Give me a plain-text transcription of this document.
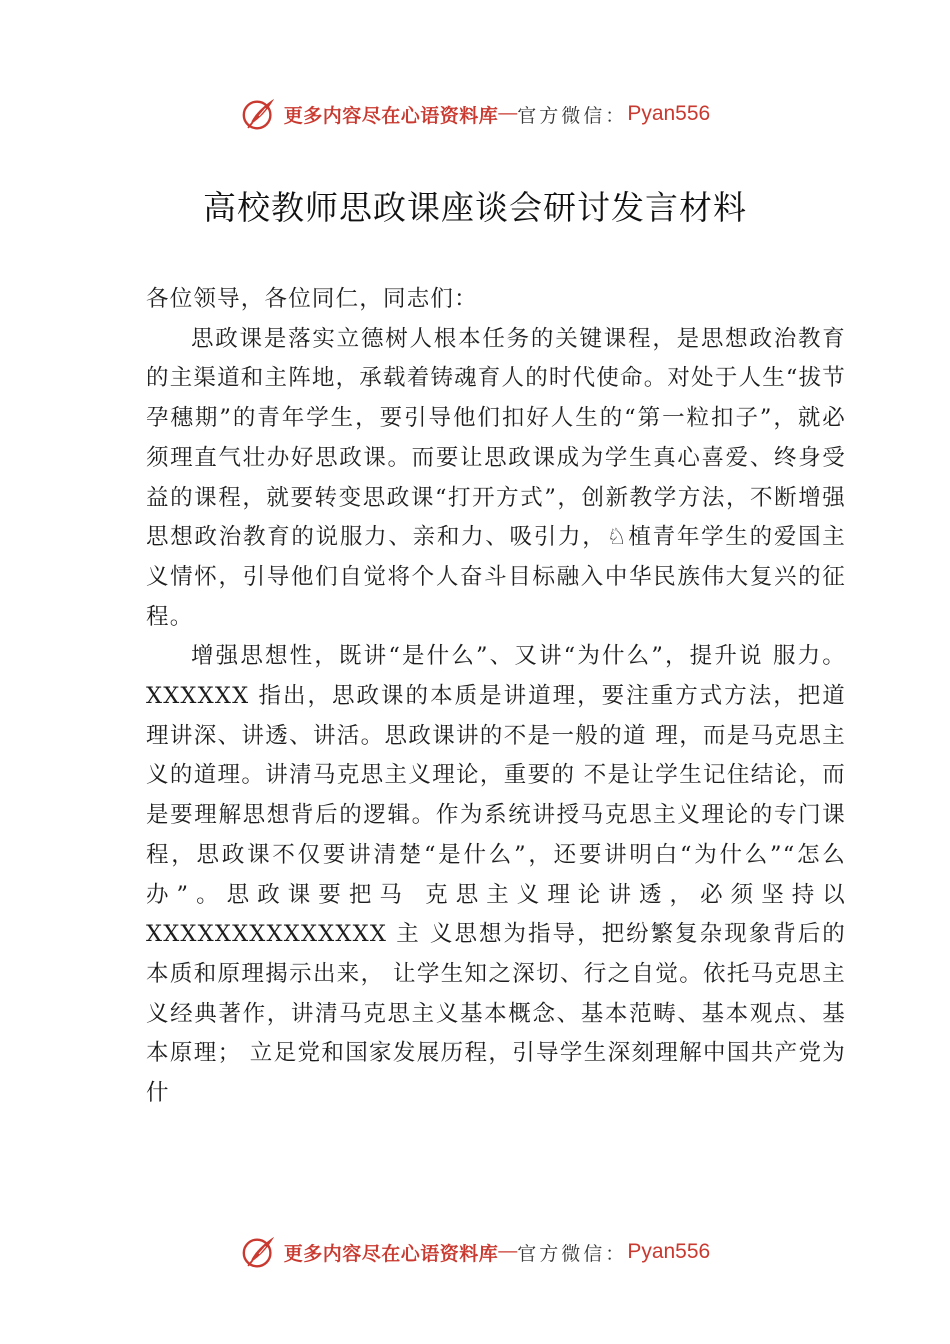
更多内容尽在心语资料库 — 官方微信： Pyan556
高校教师思政课座谈会研讨发言材料

各位领导，各位同仁，同志们：

思政课是落实立德树人根本任务的关键课程，是思想政治教育的主渠道和主阵地，承载着铸魂育人的时代使命。对处于人生“拔节孕穗期”的青年学生，要引导他们扣好人生的“第一粒扣子”，就必须理直气壮办好思政课。而要让思政课成为学生真心喜爱、终身受益的课程，就要转变思政课“打开方式”，创新教学方法，不断增强思想政治教育的说服力、亲和力、吸引力，♘植青年学生的爱国主义情怀，引导他们自觉将个人奋斗目标融入中华民族伟大复兴的征程。

增强思想性，既讲“是什么”、又讲“为什么”，提升说 服力。XXXXXX 指出，思政课的本质是讲道理，要注重方式方法，把道理讲深、讲透、讲活。思政课讲的不是一般的道 理，而是马克思主义的道理。讲清马克思主义理论，重要的 不是让学生记住结论，而是要理解思想背后的逻辑。作为系统讲授马克思主义理论的专门课程，思政课不仅要讲清楚“是什么”，还要讲明白“为什么”“怎么办”。思政课要把马 克思主义理论讲透，必须坚持以 XXXXXXXXXXXXXX 主 义思想为指导，把纷繁复杂现象背后的本质和原理揭示出来， 让学生知之深切、行之自觉。依托马克思主义经典著作，讲清马克思主义基本概念、基本范畴、基本观点、基本原理； 立足党和国家发展历程，引导学生深刻理解中国共产党为什

更多内容尽在心语资料库 — 官方微信： Pyan556
